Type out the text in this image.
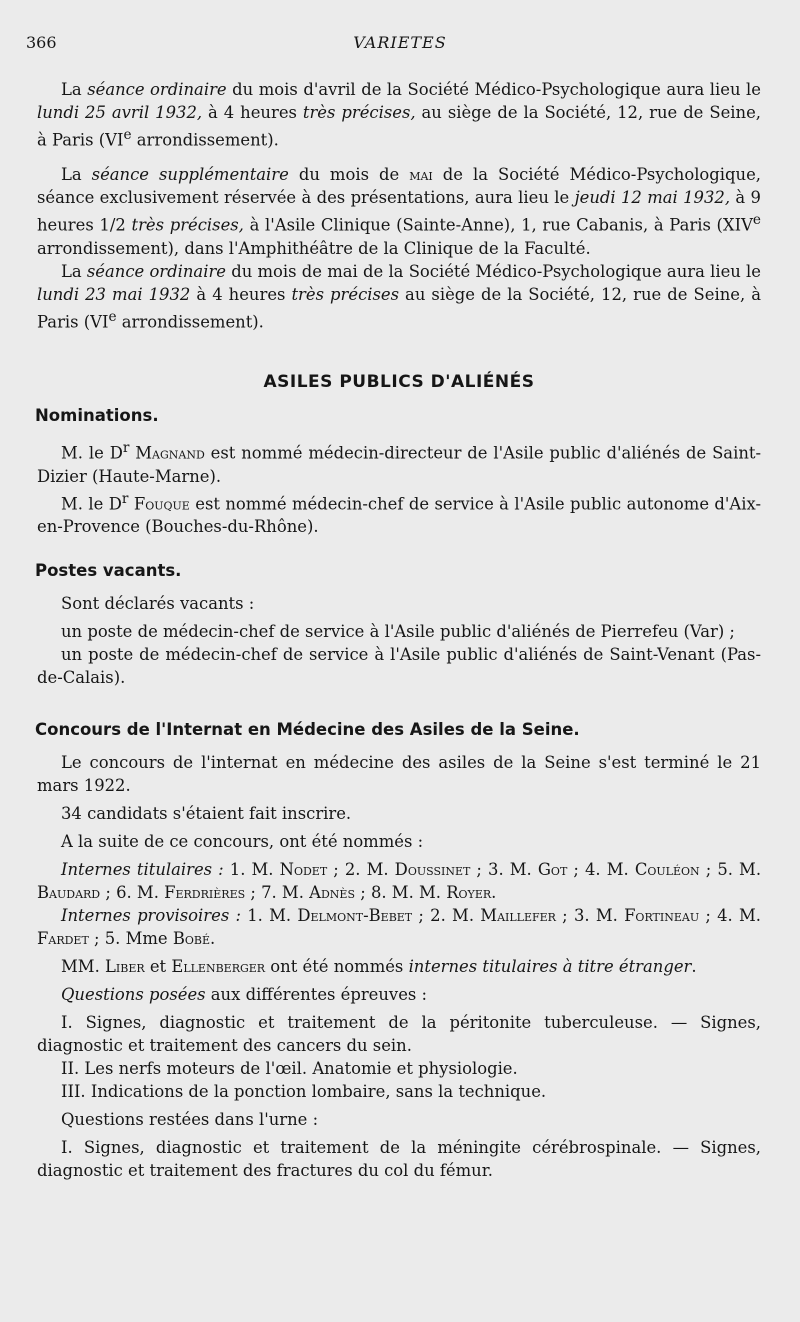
366	VARIETES

La séance ordinaire du mois d'avril de la Société Médico-Psychologique aura lieu le lundi 25 avril 1932, à 4 heures très précises, au siège de la Société, 12, rue de Seine, à Paris (VIe arrondissement).

La séance supplémentaire du mois de mai de la Société Médico-Psychologique, séance exclusivement réservée à des présentations, aura lieu le jeudi 12 mai 1932, à 9 heures 1/2 très précises, à l'Asile Clinique (Sainte-Anne), 1, rue Cabanis, à Paris (XIVe arrondissement), dans l'Amphithéâtre de la Clinique de la Faculté.

La séance ordinaire du mois de mai de la Société Médico-Psychologique aura lieu le lundi 23 mai 1932 à 4 heures très précises au siège de la Société, 12, rue de Seine, à Paris (VIe arrondissement).

ASILES PUBLICS D'ALIÉNÉS
Nominations.

M. le $D^r$ Magnand est nommé médecin-directeur de l'Asile public d'aliénés de Saint-Dizier (Haute-Marne).

M. le $D^r$ Fouque est nommé médecin-chef de service à l'Asile public autonome d'Aix-en-Provence (Bouches-du-Rhône).

Postes vacants.

Sont déclarés vacants :

un poste de médecin-chef de service à l'Asile public d'aliénés de Pierrefeu (Var) ;

un poste de médecin-chef de service à l'Asile public d'aliénés de Saint-Venant (Pas-de-Calais).

Concours de l'Internat en Médecine des Asiles de la Seine.

Le concours de l'internat en médecine des asiles de la Seine s'est terminé le 21 mars 1922.

34 candidats s'étaient fait inscrire.

A la suite de ce concours, ont été nommés :

Internes titulaires : 1. M. Nodet ; 2. M. Doussinet ; 3. M. Got ; 4. M. Couléon ; 5. M. Baudard ; 6. M. Ferdrières ; 7. M. Adnès ; 8. M. M. Royer.

Internes provisoires : 1. M. Delmont-Bebet ; 2. M. Maillefer ; 3. M. Fortineau ; 4. M. Fardet ; 5. Mme Bobé.

MM. Liber et Ellenberger ont été nommés internes titulaires à titre étranger.

Questions posées aux différentes épreuves :

I. Signes, diagnostic et traitement de la péritonite tuberculeuse. — Signes, diagnostic et traitement des cancers du sein.

II. Les nerfs moteurs de l'œil. Anatomie et physiologie.

III. Indications de la ponction lombaire, sans la technique.

Questions restées dans l'urne :

I. Signes, diagnostic et traitement de la méningite cérébrospinale. — Signes, diagnostic et traitement des fractures du col du fémur.
